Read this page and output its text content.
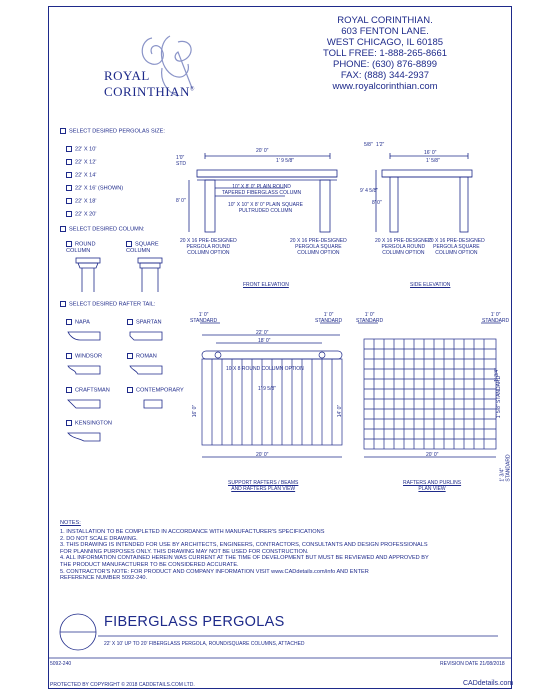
ROYAL CORINTHIAN®
ROYAL CORINTHIAN.
603 FENTON LANE.
WEST CHICAGO, IL 60185
TOLL FREE: 1-888-265-8661
PHONE: (630) 876-8899
FAX: (888) 344-2937
www.royalcorinthian.com
SELECT DESIRED PERGOLAS SIZE:
22' X 10'
22' X 12'
22' X 14'
22' X 16' (SHOWN)
22' X 18'
22' X 20'
SELECT DESIRED COLUMN:
ROUND COLUMN
SQUARE COLUMN
SELECT DESIRED RAFTER TAIL:
NAPA	SPARTAN
WINDSOR	ROMAN
CRAFTSMAN	CONTEMPORARY
KENSINGTON
20' 0"
1'0"
STD	1' 9 5/8"
8' 0"
10" X 8' 0" PLAIN ROUND
TAPERED FIBERGLASS COLUMN
10" X 10" X 8' 0" PLAIN SQUARE
PULTRUDED COLUMN
20 X 16 PRE-DESIGNED
PERGOLA ROUND
COLUMN OPTION
20 X 16 PRE-DESIGNED
PERGOLA SQUARE
COLUMN OPTION
FRONT ELEVATION
16' 0"
5/8" 1'2"
1' 5/8"
9' 4 5/8"
8' 0"
20 X 16 PRE-DESIGNED
PERGOLA ROUND
COLUMN OPTION
20 X 16 PRE-DESIGNED
PERGOLA SQUARE
COLUMN OPTION
SIDE ELEVATION
1' 0"
STANDARD
1' 0"
STANDARD
22' 0"
18' 0"
10 X 8 ROUND COLUMN OPTION
1' 9 5/8"
16' 0"	14' 0"
20' 0"
SUPPORT RAFTERS / BEAMS
AND RAFTERS PLAN VIEW
1' 0"
STANDARD
1' 0"
STANDARD
1' 3/4"
1' 5/8" STANDARD
20' 0"
1' 3/4"
STANDARD
RAFTERS AND PURLINS
PLAN VIEW
NOTES:
1. INSTALLATION TO BE COMPLETED IN ACCORDANCE WITH MANUFACTURER'S SPECIFICATIONS
2. DO NOT SCALE DRAWING.
3. THIS DRAWING IS INTENDED FOR USE BY ARCHITECTS, ENGINEERS, CONTRACTORS, CONSULTANTS AND DESIGN PROFESSIONALS
FOR PLANNING PURPOSES ONLY. THIS DRAWING MAY NOT BE USED FOR CONSTRUCTION.
4. ALL INFORMATION CONTAINED HEREIN WAS CURRENT AT THE TIME OF DEVELOPMENT BUT MUST BE REVIEWED AND APPROVED BY
THE PRODUCT MANUFACTURER TO BE CONSIDERED ACCURATE.
5. CONTRACTOR'S NOTE: FOR PRODUCT AND COMPANY INFORMATION VISIT www.CADdetails.com/info AND ENTER
REFERENCE NUMBER 5092-240.
FIBERGLASS PERGOLAS
22' X 10' UP TO 20' FIBERGLASS PERGOLA, ROUND/SQUARE COLUMNS, ATTACHED
5092-240	REVISION DATE 21/08/2018
PROTECTED BY COPYRIGHT © 2018 CADDETAILS.COM LTD.	CADdetails.com
